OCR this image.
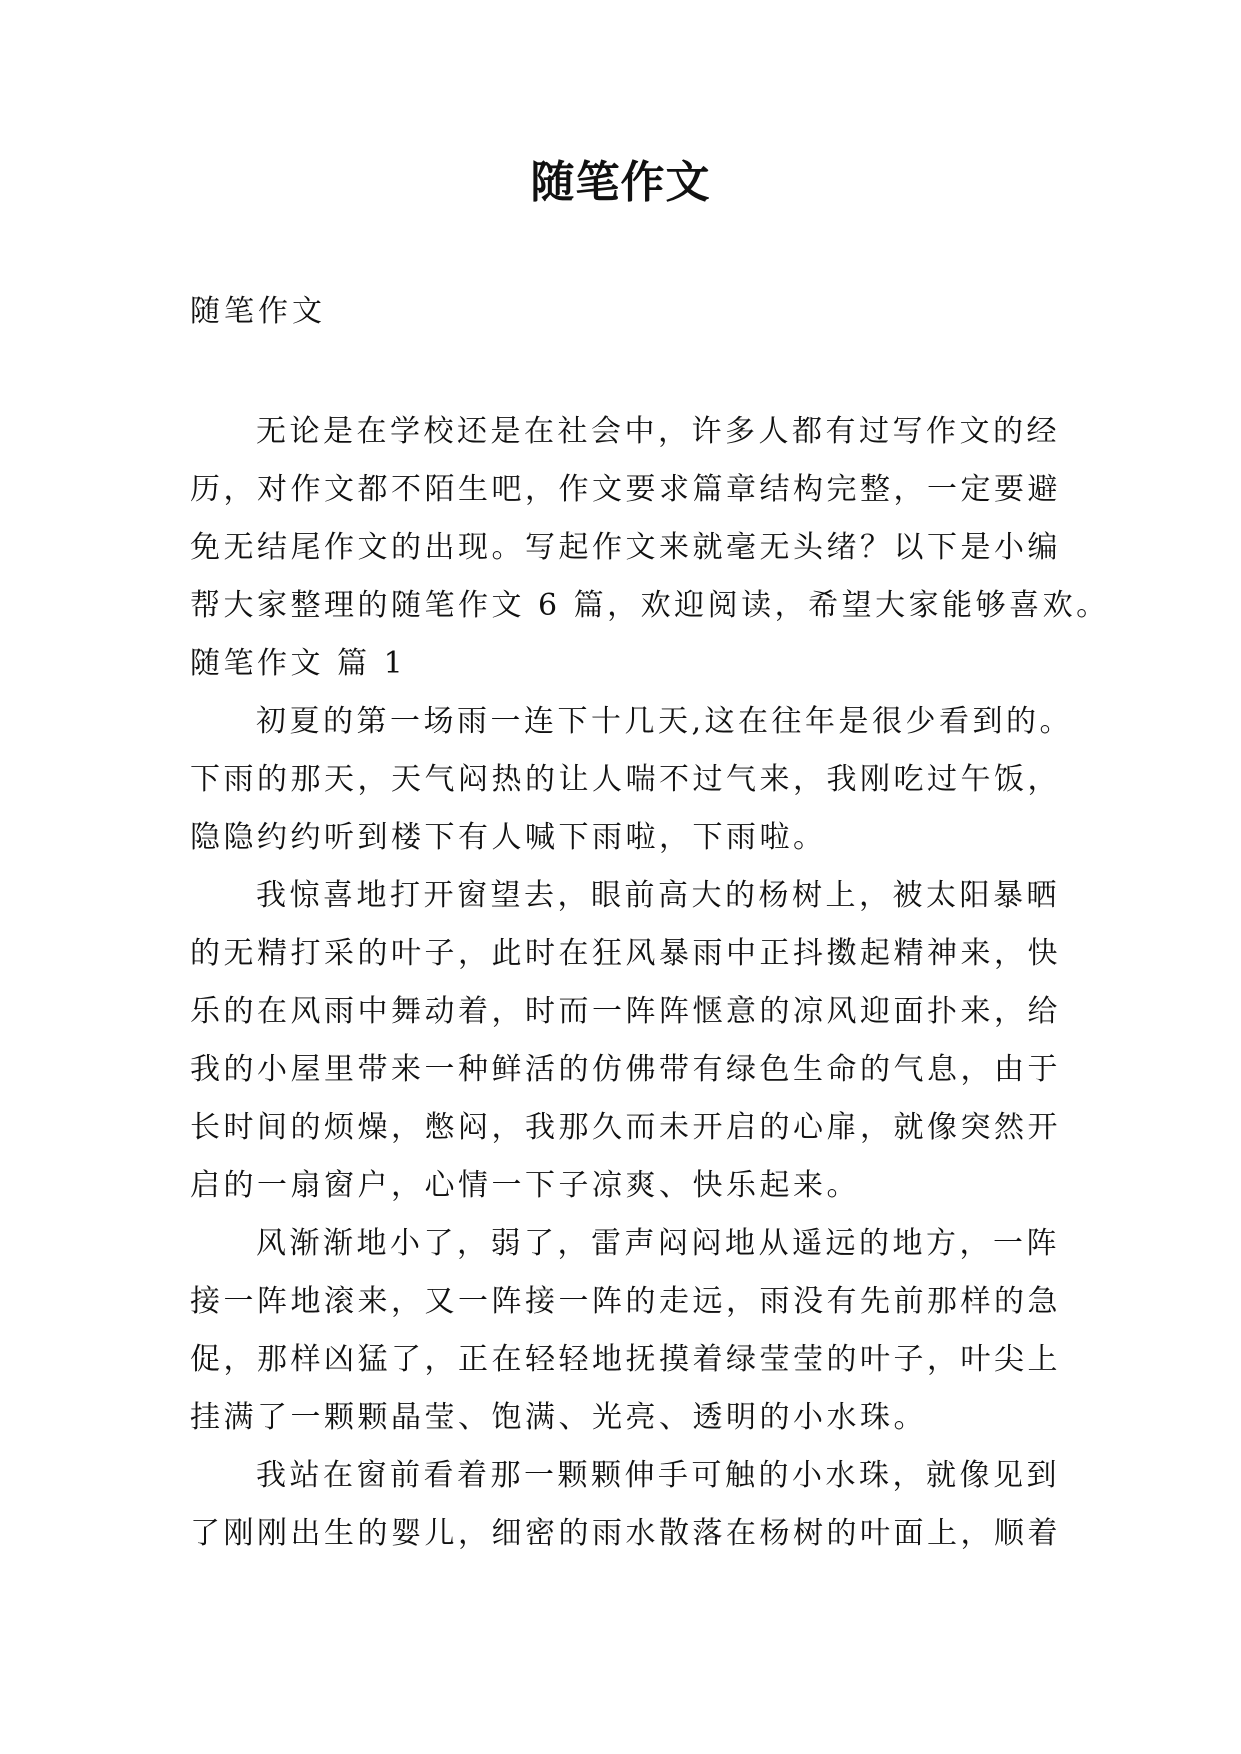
随笔作文
随笔作文
无论是在学校还是在社会中，许多人都有过写作文的经
历，对作文都不陌生吧，作文要求篇章结构完整，一定要避
免无结尾作文的出现。写起作文来就毫无头绪？以下是小编
帮大家整理的随笔作文 6 篇，欢迎阅读，希望大家能够喜欢。
随笔作文 篇 1
初夏的第一场雨一连下十几天,这在往年是很少看到的。
下雨的那天，天气闷热的让人喘不过气来，我刚吃过午饭，
隐隐约约听到楼下有人喊下雨啦，下雨啦。
我惊喜地打开窗望去，眼前高大的杨树上，被太阳暴晒
的无精打采的叶子，此时在狂风暴雨中正抖擞起精神来，快
乐的在风雨中舞动着，时而一阵阵惬意的凉风迎面扑来，给
我的小屋里带来一种鲜活的仿佛带有绿色生命的气息，由于
长时间的烦燥，憋闷，我那久而未开启的心扉，就像突然开
启的一扇窗户，心情一下子凉爽、快乐起来。
风渐渐地小了，弱了，雷声闷闷地从遥远的地方，一阵
接一阵地滚来，又一阵接一阵的走远，雨没有先前那样的急
促，那样凶猛了，正在轻轻地抚摸着绿莹莹的叶子，叶尖上
挂满了一颗颗晶莹、饱满、光亮、透明的小水珠。
我站在窗前看着那一颗颗伸手可触的小水珠，就像见到
了刚刚出生的婴儿，细密的雨水散落在杨树的叶面上，顺着
